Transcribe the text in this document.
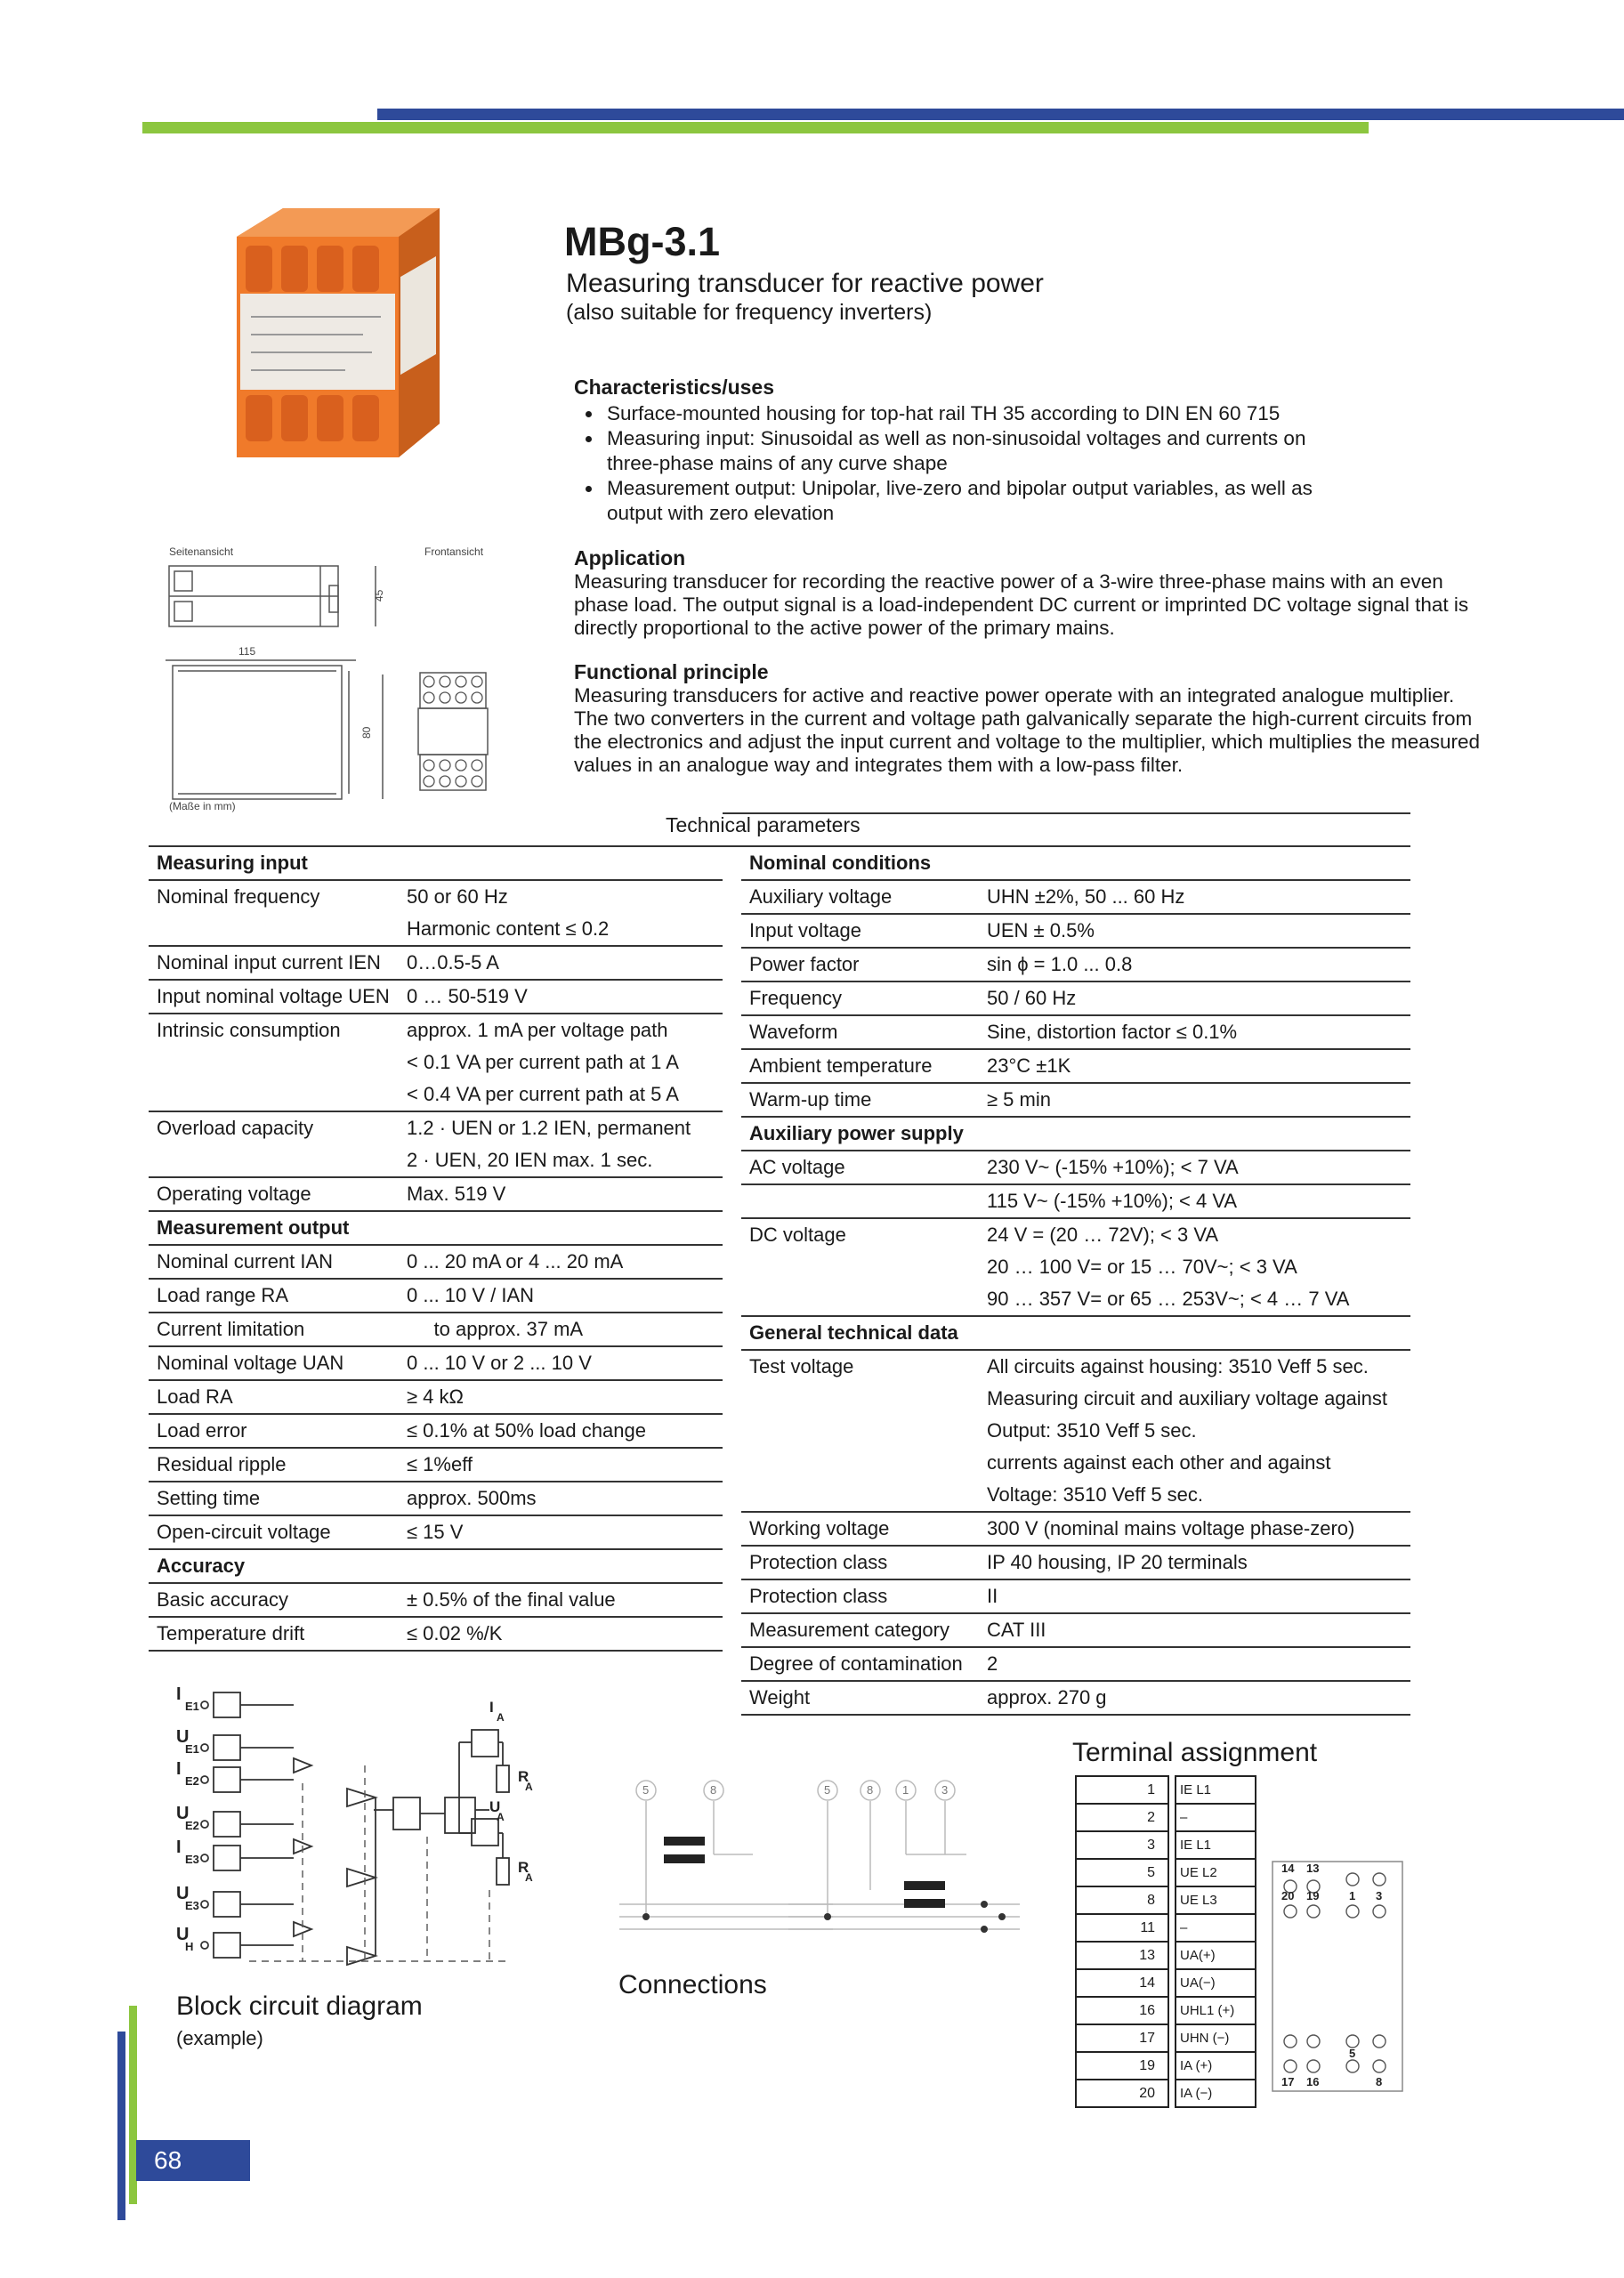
MBg-3.1
Measuring transducer for reactive power
(also suitable for frequency inverters)
Characteristics/uses
• Surface-mounted housing for top-hat rail TH 35 according to DIN EN 60 715
• Measuring input: Sinusoidal as well as non-sinusoidal voltages and currents on three-phase mains of any curve shape
• Measurement output: Unipolar, live-zero and bipolar output variables, as well as output with zero elevation
Application
Measuring transducer for recording the reactive power of a 3-wire three-phase mains with an even phase load. The output signal is a load-independent DC current or imprinted DC voltage signal that is directly proportional to the active power of the primary mains.
Functional principle
Measuring transducers for active and reactive power operate with an integrated analogue multiplier. The two converters in the current and voltage path galvanically separate the high-current circuits from the electronics and adjust the input current and voltage to the multiplier, which multiplies the measured values in an analogue way and integrates them with a low-pass filter.
Seitenansicht	Frontansicht
45
115
80
(Maße in mm)
Technical parameters
Measuring input	
Nominal frequency	50 or 60 Hz
	Harmonic content ≤ 0.2
Nominal input current IEN	0…0.5-5 A
Input nominal voltage UEN	0 … 50-519 V
Intrinsic consumption	approx. 1 mA per voltage path
	< 0.1 VA per current path at 1 A
	< 0.4 VA per current path at 5 A
Overload capacity	1.2 · UEN or 1.2 IEN, permanent
	2 · UEN, 20 IEN max. 1 sec.
Operating voltage	Max. 519 V
Measurement output	
Nominal current IAN	0 ... 20 mA or 4 ... 20 mA
Load range RA	0 ... 10 V / IAN
Current limitation	to approx. 37 mA
Nominal voltage UAN	0 ... 10 V or 2 ... 10 V
Load RA	≥ 4 kΩ
Load error	≤ 0.1% at 50% load change
Residual ripple	≤ 1%eff
Setting time	approx. 500ms
Open-circuit voltage	≤ 15 V
Accuracy	
Basic accuracy	± 0.5% of the final value
Temperature drift	≤ 0.02 %/K
Nominal conditions	
Auxiliary voltage	UHN ±2%, 50 ... 60 Hz
Input voltage	UEN ± 0.5%
Power factor	sin ϕ = 1.0 ... 0.8
Frequency	50 / 60 Hz
Waveform	Sine, distortion factor ≤ 0.1%
Ambient temperature	23°C ±1K
Warm-up time	≥ 5 min
Auxiliary power supply	
AC voltage	230 V~ (-15% +10%); < 7 VA
	115 V~ (-15% +10%); < 4 VA
DC voltage	24 V = (20 … 72V); < 3 VA
	20 … 100 V= or 15 … 70V~; < 3 VA
	90 … 357 V= or 65 … 253V~; < 4 … 7 VA
General technical data	
Test voltage	All circuits against housing: 3510 Veff 5 sec.
	Measuring circuit and auxiliary voltage against
	Output: 3510 Veff 5 sec.
	currents against each other and against
	Voltage: 3510 Veff 5 sec.
Working voltage	300 V (nominal mains voltage phase-zero)
Protection class	IP 40 housing, IP 20 terminals
Protection class	II
Measurement category	CAT III
Degree of contamination	2
Weight	approx. 270 g
I
E1
U
E1
I
E2
U
E2
I
E3
U
E3
U
H
I
A
R
A
U
A
R
A
Block circuit diagram
(example)
5	8	5	8	1	3
Connections
Terminal assignment
1		IE L1
2		–
3		IE L1
5		UE L2
8		UE L3
11		–
13		UA(+)
14		UA(−)
16		UHL1 (+)
17		UHN (−)
19		IA (+)
20		IA (−)
14 13
20 19	1 3
5
17 16	8
68
